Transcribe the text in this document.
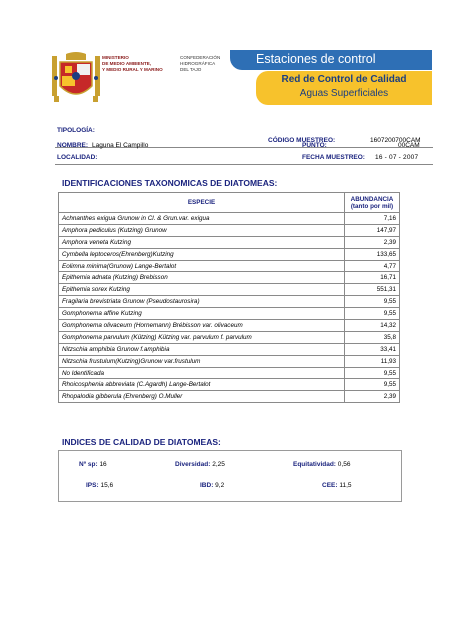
MINISTERIO
DE MEDIO AMBIENTE,
Y MEDIO RURAL Y MARINO
CONFEDERACIÓN
HIDROGRÁFICA
DEL TAJO
Estaciones de control
Red de Control de Calidad
Aguas Superficiales
CÓDIGO MUESTREO:	1607200700CAM
TIPOLOGÍA:
NOMBRE: Laguna El Campillo	PUNTO:	00CAM
LOCALIDAD:	FECHA MUESTREO: 16 - 07 - 2007
IDENTIFICACIONES TAXONOMICAS DE DIATOMEAS:
ESPECIE	ABUNDANCIA
(tanto por mil)

Achnanthes exigua Grunow in Cl. & Grun.var. exigua	7,16
Amphora pediculus (Kutzing) Grunow	147,97
Amphora veneta Kutzing	2,39
Cymbella leptoceros(Ehrenberg)Kutzing	133,65
Eolimna minima(Grunow) Lange-Bertalot	4,77
Epithemia adnata (Kutzing) Brebisson	16,71
Epithemia sorex Kutzing	551,31
Fragilaria brevistriata Grunow (Pseudostaurosira)	9,55
Gomphonema affine Kutzing	9,55
Gomphonema olivaceum (Hornemann) Brébisson var. olivaceum	14,32
Gomphonema parvulum (Kützing) Kützing var. parvulum f. parvulum	35,8
Nitzschia amphibia Grunow f.amphibia	33,41
Nitzschia frustulum(Kutzing)Grunow var.frustulum	11,93
No Identificada	9,55
Rhoicosphenia abbreviata (C.Agardh) Lange-Bertalot	9,55
Rhopalodia gibberula (Ehrenberg) O.Muller	2,39
INDICES DE CALIDAD DE DIATOMEAS:
Nº sp: 16	Diversidad: 2,25	Equitatividad: 0,56
IPS: 15,6	IBD: 9,2	CEE: 11,5
